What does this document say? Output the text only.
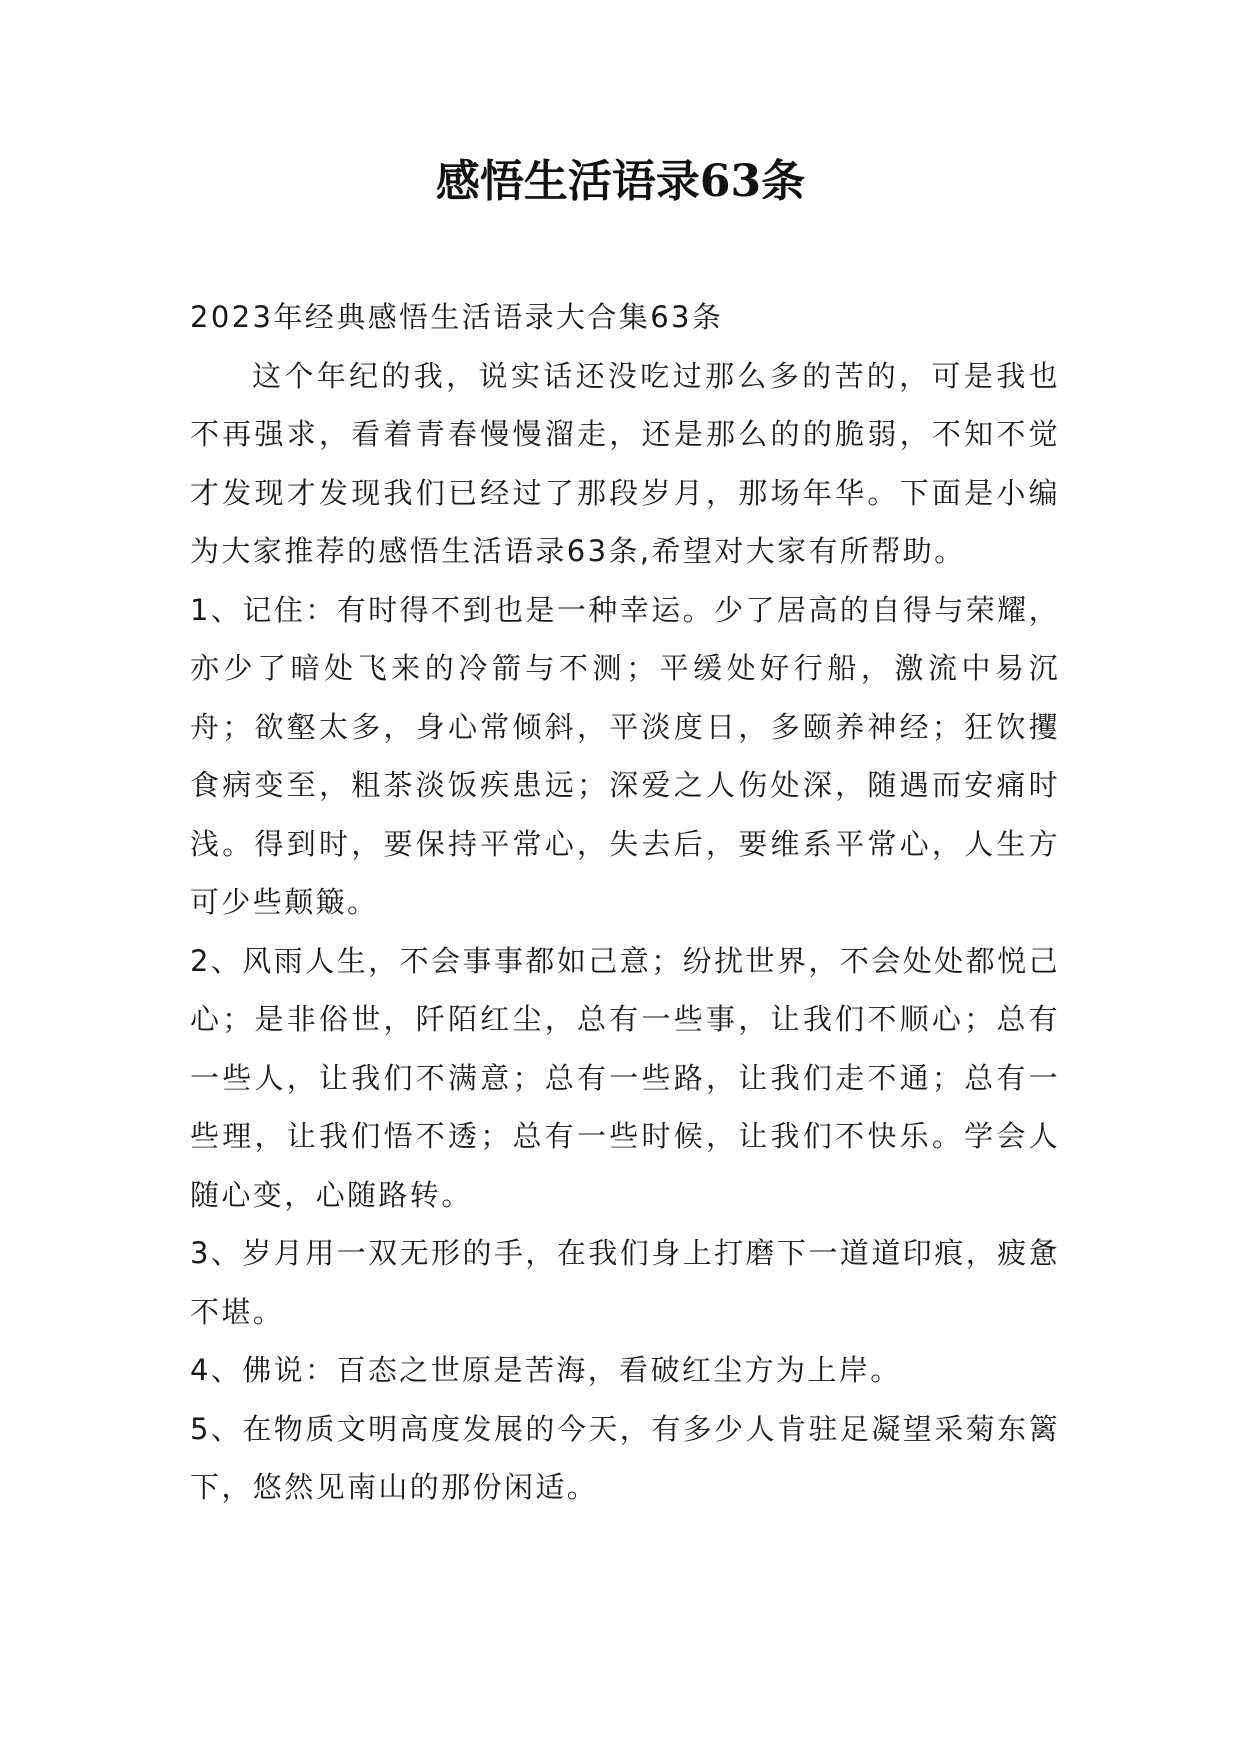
感悟生活语录63条

2023年经典感悟生活语录大合集63条

这个年纪的我，说实话还没吃过那么多的苦的，可是我也不再强求，看着青春慢慢溜走，还是那么的的脆弱，不知不觉才发现才发现我们已经过了那段岁月，那场年华。下面是小编为大家推荐的感悟生活语录63条,希望对大家有所帮助。

1、记住：有时得不到也是一种幸运。少了居高的自得与荣耀，亦少了暗处飞来的冷箭与不测；平缓处好行船，激流中易沉舟；欲壑太多，身心常倾斜，平淡度日，多颐养神经；狂饮攫食病变至，粗茶淡饭疾患远；深爱之人伤处深，随遇而安痛时浅。得到时，要保持平常心，失去后，要维系平常心，人生方可少些颠簸。

2、风雨人生，不会事事都如己意；纷扰世界，不会处处都悦己心；是非俗世，阡陌红尘，总有一些事，让我们不顺心；总有一些人，让我们不满意；总有一些路，让我们走不通；总有一些理，让我们悟不透；总有一些时候，让我们不快乐。学会人随心变，心随路转。

3、岁月用一双无形的手，在我们身上打磨下一道道印痕，疲惫不堪。

4、佛说：百态之世原是苦海，看破红尘方为上岸。

5、在物质文明高度发展的今天，有多少人肯驻足凝望采菊东篱下，悠然见南山的那份闲适。
